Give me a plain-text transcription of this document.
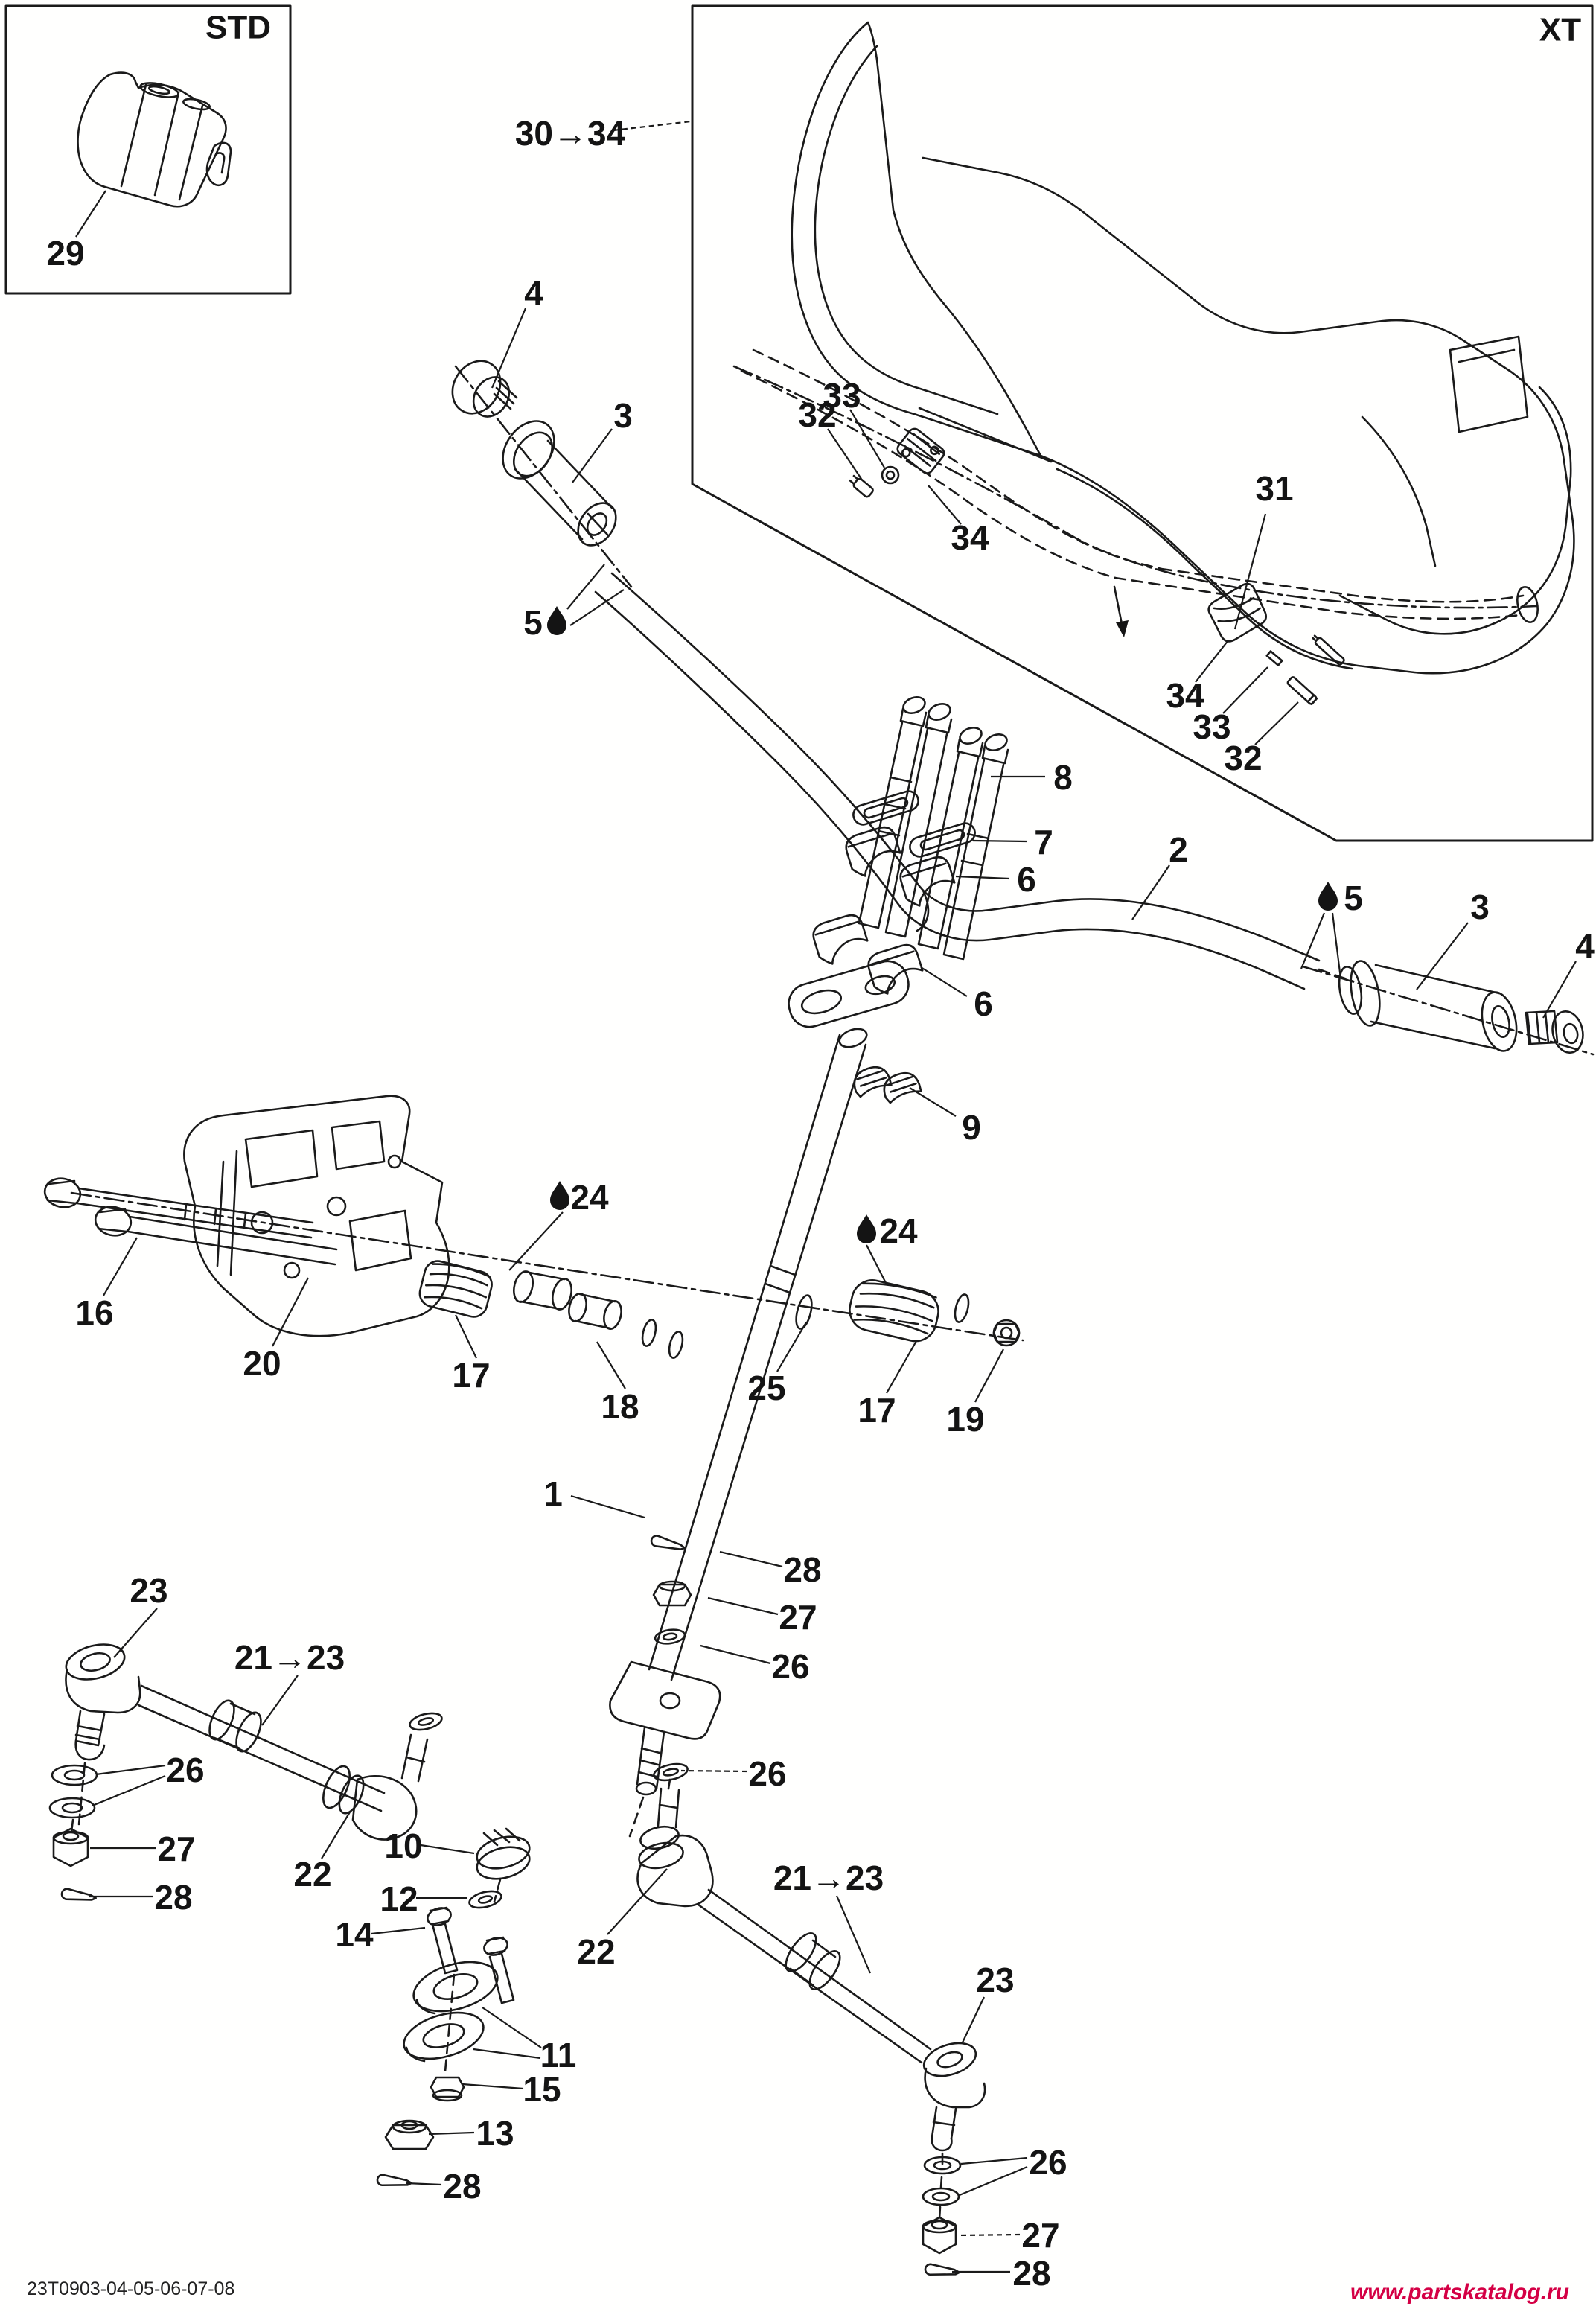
STD	XT
29
30→34
4
3
5
31
32
33
34
34
33
32
8
7
6
6
9
2
5	3
4
16
20	17
24
18	25
17 19
24
1
23
21→23
26
27
28
22
10
12
14
11
15
13
28
28
27
26
26
22
21→23
23
26
27
28
23T0903-04-05-06-07-08	www.partskatalog.ru
